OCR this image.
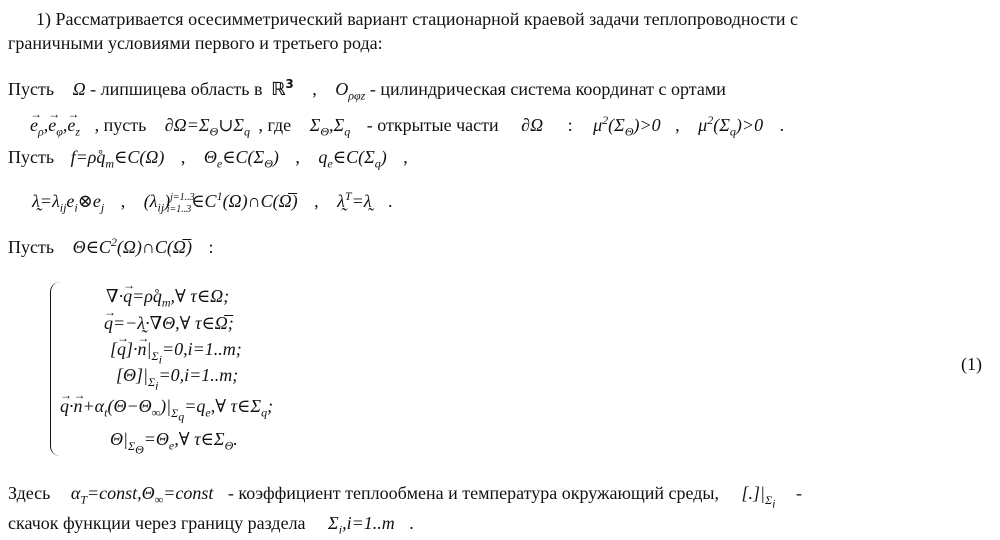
1) Рассматривается осесимметрический вариант стационарной краевой задачи теплопроводности с
граничными условиями первого и третьего рода:
Пусть Ω - липшицева область в ℝ$^3$ , $O_{\rho\varphi z}$ - цилиндрическая система координат с ортами
→ $e_\rho,\to e_\varphi,\to e_z$ , пусть $\partial\Omega=\Sigma_\Theta\cup\Sigma_q$ , где $\Sigma_\Theta,\Sigma_q$ - открытые части ∂Ω : $\mu^2(\Sigma_\Theta)>0$ , $\mu^2(\Sigma_q)>0$ .
Пусть $f=\rho̊q_m\in C(\Omega)$ , $\Theta_e\in C(\Sigma_\Theta)$ , $q_e\in C(\Sigma_q)$ ,
$\lambda̰=\lambda_{ij}e_i\otimes e_j$ , $(\lambda_{ij})^{j=1..3}_{i=1..3}\in C^1(\Omega)\cap C(\Omega̅)$ , λ̰$^T$=λ̰ .
Пусть $\Theta\in C^2(\Omega)\cap C(\Omega̅)$ :
∇·→ $q=\rho̊q_m,\forall$ τ∈Ω;
→ q=−λ̰·∇Θ,∀ τ∈Ω̅;
[→ $q]\cdot\to n|_{\Sigma_i}=0,i=1..m$;
$[\Theta]|_{\Sigma_i}=0,i=1..m$;
→ $q\cdot\to n+\alpha_t(\Theta-\Theta_\infty)|_{\Sigma_q}=q_e,\forall$ $\tau\in\Sigma_q$;
$\Theta|_{\Sigma_\Theta}=\Theta_e,\forall$ $\tau\in\Sigma_\Theta$.
(1)
Здесь $\alpha_T=const,\Theta_\infty=const$ - коэффициент теплообмена и температура окружающий среды, $[.]|_{\Sigma_i}$ -
скачок функции через границу раздела $\Sigma_i,i=1..m$ .
